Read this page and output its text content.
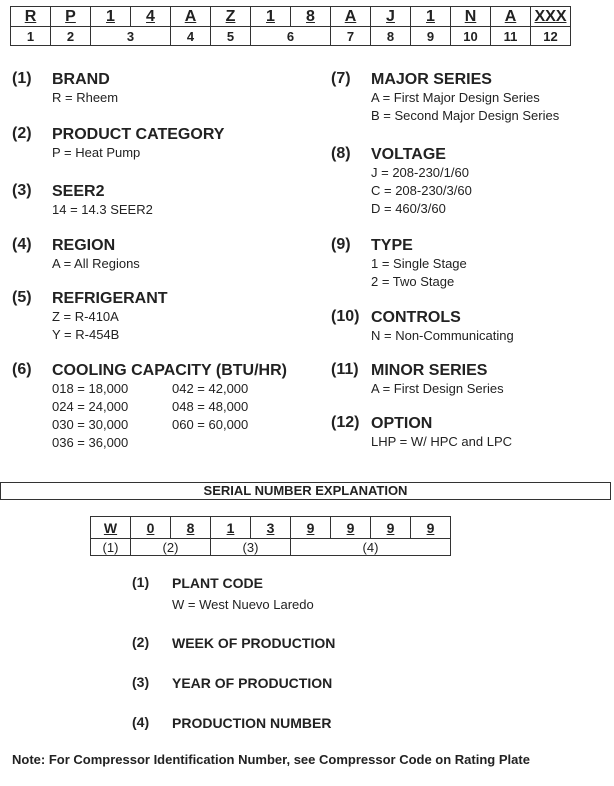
R	P	1	4	A	Z	1	8	A	J	1	N	A	XXX
1	2	3		4	5	6		7	8	9	10	11	12
(1) BRAND
R = Rheem
(2) PRODUCT CATEGORY
P = Heat Pump
(3) SEER2
14 = 14.3 SEER2
(4) REGION
A = All Regions
(5) REFRIGERANT
Z = R-410A
Y = R-454B
(6) COOLING CAPACITY (BTU/HR)
018 = 18,000	042 = 42,000
024 = 24,000	048 = 48,000
030 = 30,000	060 = 60,000
036 = 36,000
(7) MAJOR SERIES
A = First Major Design Series
B = Second Major Design Series
(8) VOLTAGE
J = 208-230/1/60
C = 208-230/3/60
D = 460/3/60
(9) TYPE
1 = Single Stage
2 = Two Stage
(10) CONTROLS
N = Non-Communicating
(11) MINOR SERIES
A = First Design Series
(12) OPTION
LHP = W/ HPC and LPC
SERIAL NUMBER EXPLANATION
W	0	8	1	3	9	9	9	9
(1)	(2)		(3)		(4)			
(1) PLANT CODE
W = West Nuevo Laredo
(2) WEEK OF PRODUCTION
(3) YEAR OF PRODUCTION
(4) PRODUCTION NUMBER
Note: For Compressor Identification Number, see Compressor Code on Rating Plate
